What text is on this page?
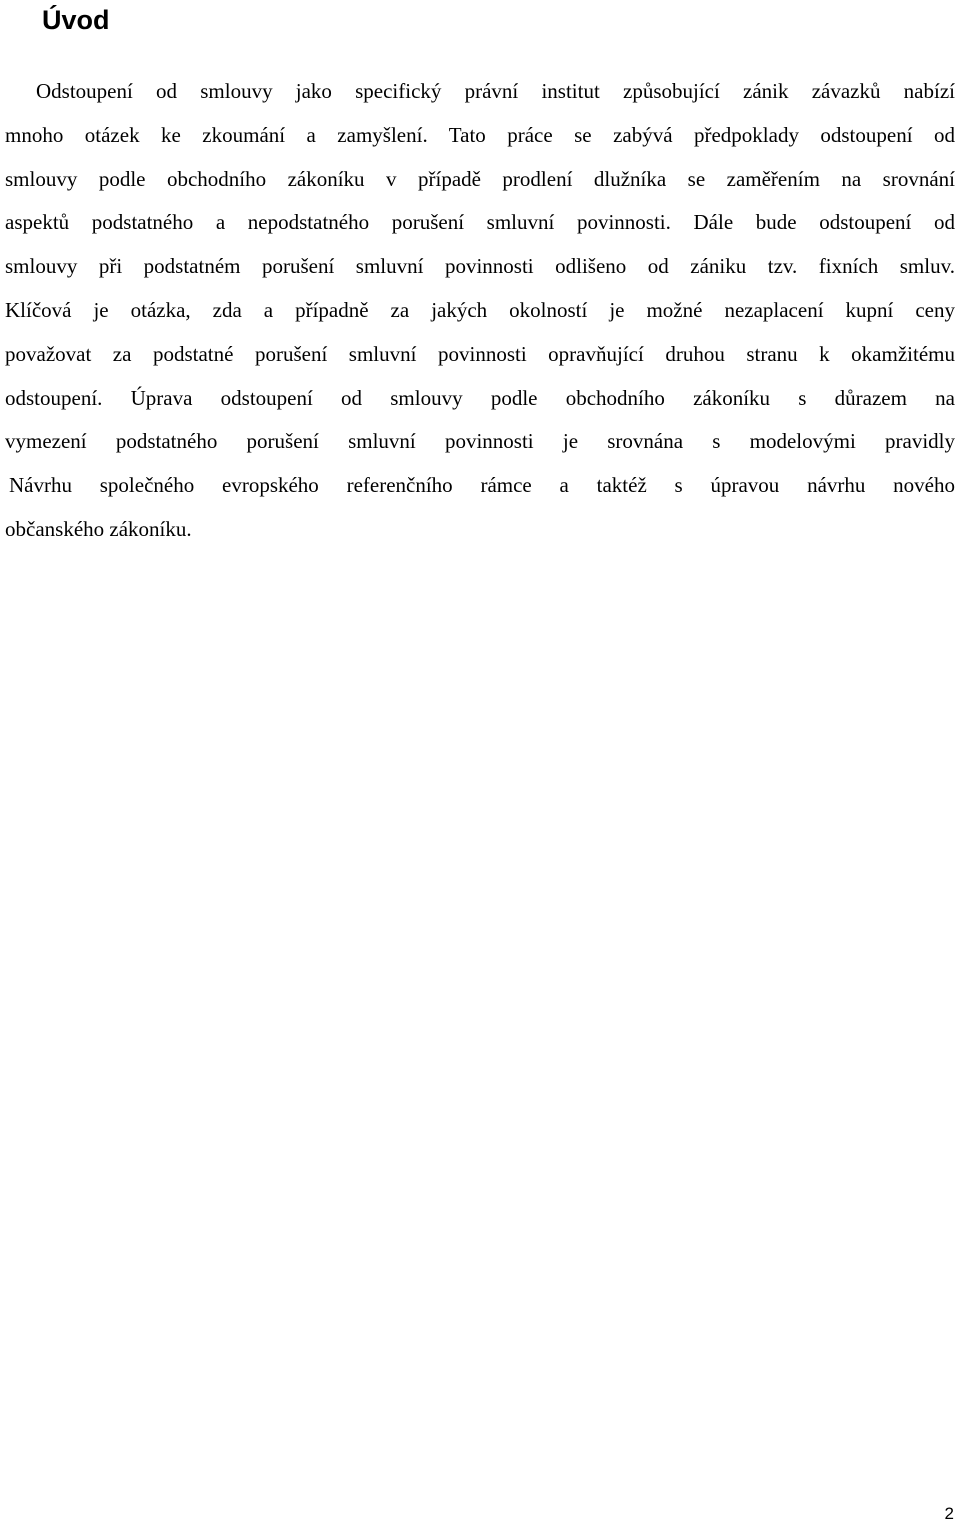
Úvod
Odstoupení od smlouvy jako specifický právní institut způsobující zánik závazků nabízí
mnoho otázek ke zkoumání a zamyšlení. Tato práce se zabývá předpoklady odstoupení od
smlouvy podle obchodního zákoníku v případě prodlení dlužníka se zaměřením na srovnání
aspektů podstatného a nepodstatného porušení smluvní povinnosti. Dále bude odstoupení od
smlouvy při podstatném porušení smluvní povinnosti odlišeno od zániku tzv. fixních smluv.
Klíčová je otázka, zda a případně za jakých okolností je možné nezaplacení kupní ceny
považovat za podstatné porušení smluvní povinnosti opravňující druhou stranu k okamžitému
odstoupení. Úprava odstoupení od smlouvy podle obchodního zákoníku s důrazem na
vymezení podstatného porušení smluvní povinnosti je srovnána s modelovými pravidly
Návrhu společného evropského referenčního rámce a taktéž s úpravou návrhu nového
občanského zákoníku.
2
